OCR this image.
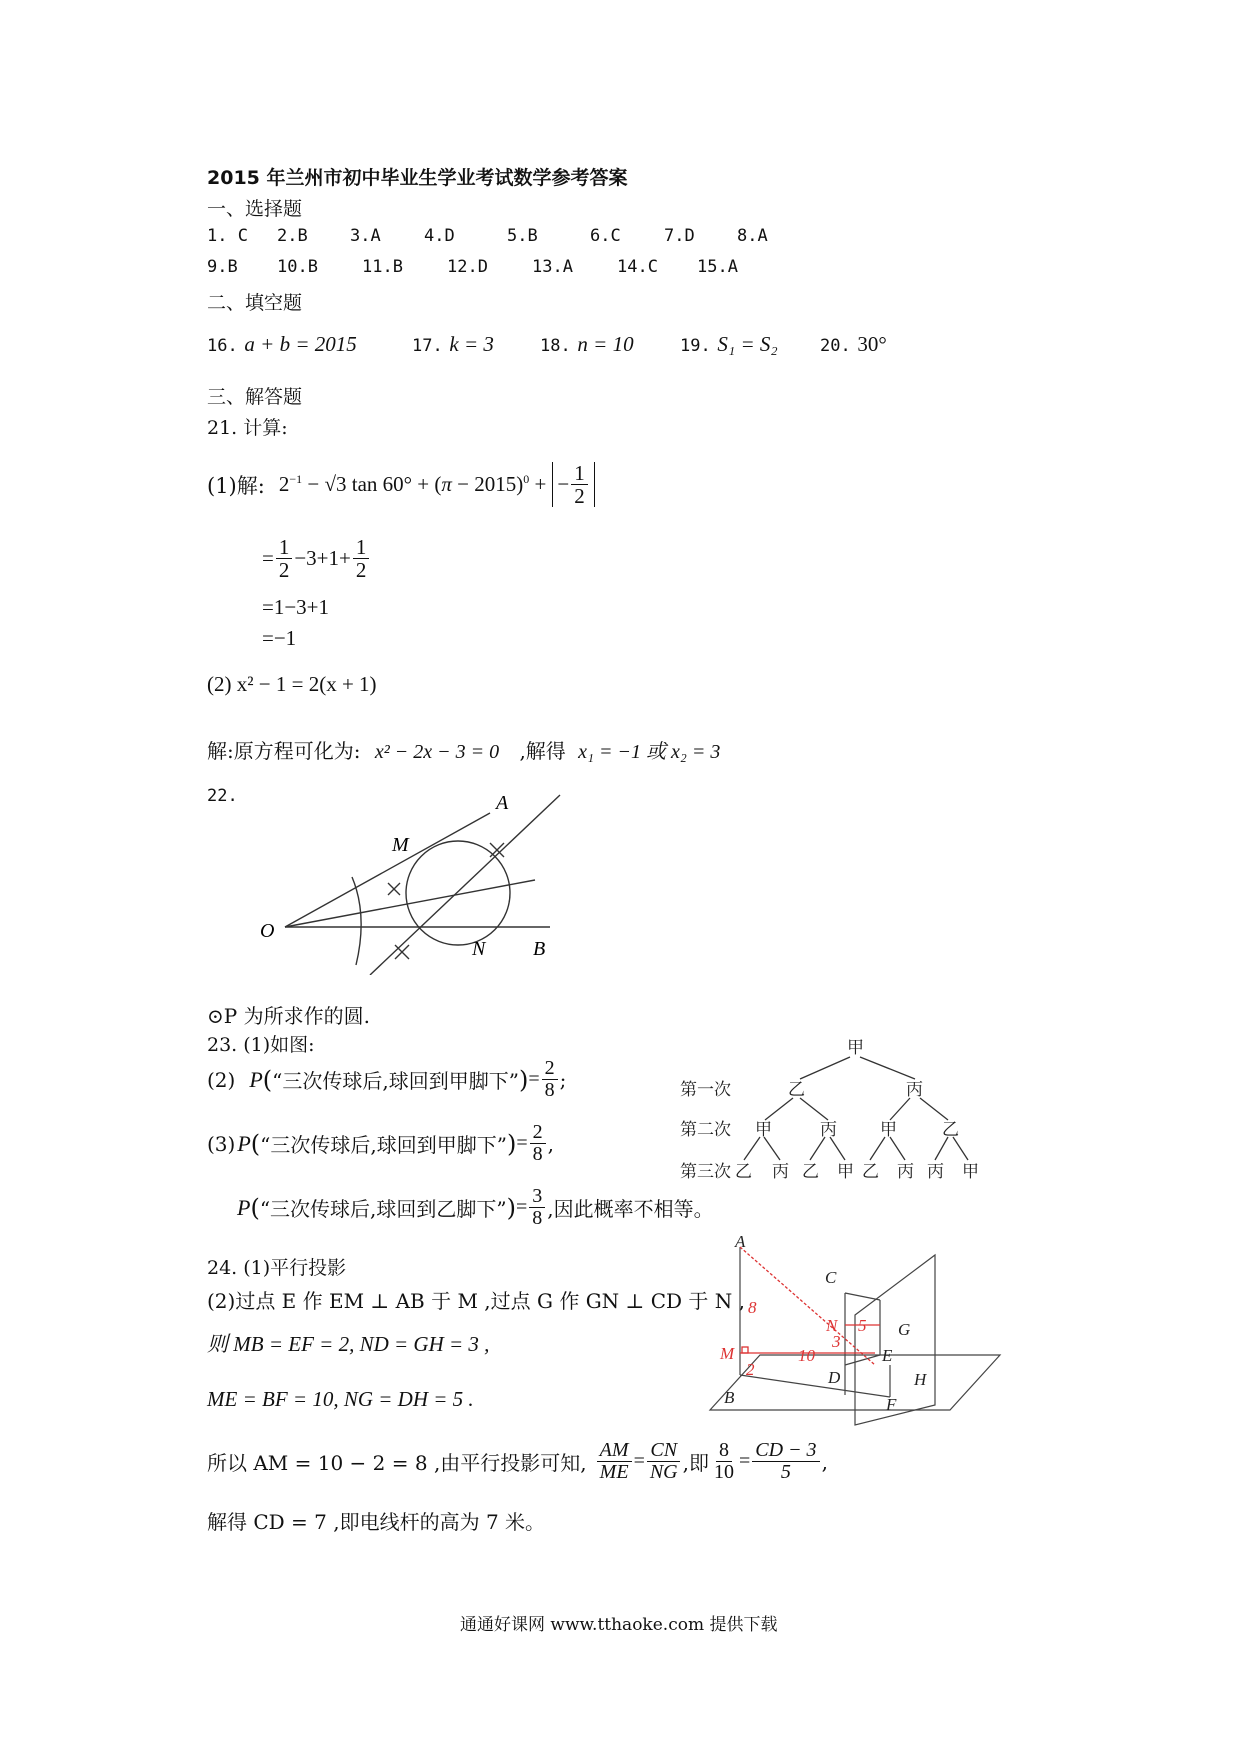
2015 年兰州市初中毕业生学业考试数学参考答案
一、选择题
1. C 2.B 3.A	4.D	5.B	6.C	7.D 8.A
9.B 10.B	11.B	12.D	13.A	14.C 15.A
二、填空题
16. a + b = 2015	17. k = 3	18. n = 10	19. S₁ = S₂ 20. 30°
三、解答题
21. 计算:
(1)解: $2^{-1} - √3$ $\tan 60^\circ + (\pi - 2015)^0$ + − $\frac{1}{2}$
= $\frac{1}{2} -3+1+ \frac{1}{2}$
=1−3+1
=−1
(2) x² − 1 = 2(x + 1)
解:原方程可化为: x² − 2x − 3 = 0 ,解得 x₁ = −1 或 x₂ = 3
22.	A
M
O
N B
⊙P 为所求作的圆.
23. (1)如图:
(2) P ( “三次传球后,球回到甲脚下” ) = $\frac{2}{8}$ ;
(3) P ( “三次传球后,球回到甲脚下” ) = $\frac{2}{8}$ ,
P ( “三次传球后,球回到乙脚下” ) = $\frac{3}{8}$ ,因此概率不相等。
甲
第一次
第二次
第三次
乙	丙
甲	丙	甲	乙
乙 丙 乙 甲 乙 丙 丙 甲
24. (1)平行投影
(2)过点 E 作 EM ⊥ AB 于 M ,过点 G 作 GN ⊥ CD 于 N ,
则 MB = EF = 2, ND = GH = 3 ,
ME = BF = 10, NG = DH = 5 .
所以 AM = 10 − 2 = 8 ,由平行投影可知, $\frac{AM}{ME} = \frac{CN}{NG}$ ,即 $\frac{8}{10} = \frac{CD - 3}{5}$ ,
解得 CD = 7 ,即电线杆的高为 7 米。
A
C
N	G
M	E
D	H
B	F
8
5
3
10
2
通通好课网 www.tthaoke.com 提供下载
